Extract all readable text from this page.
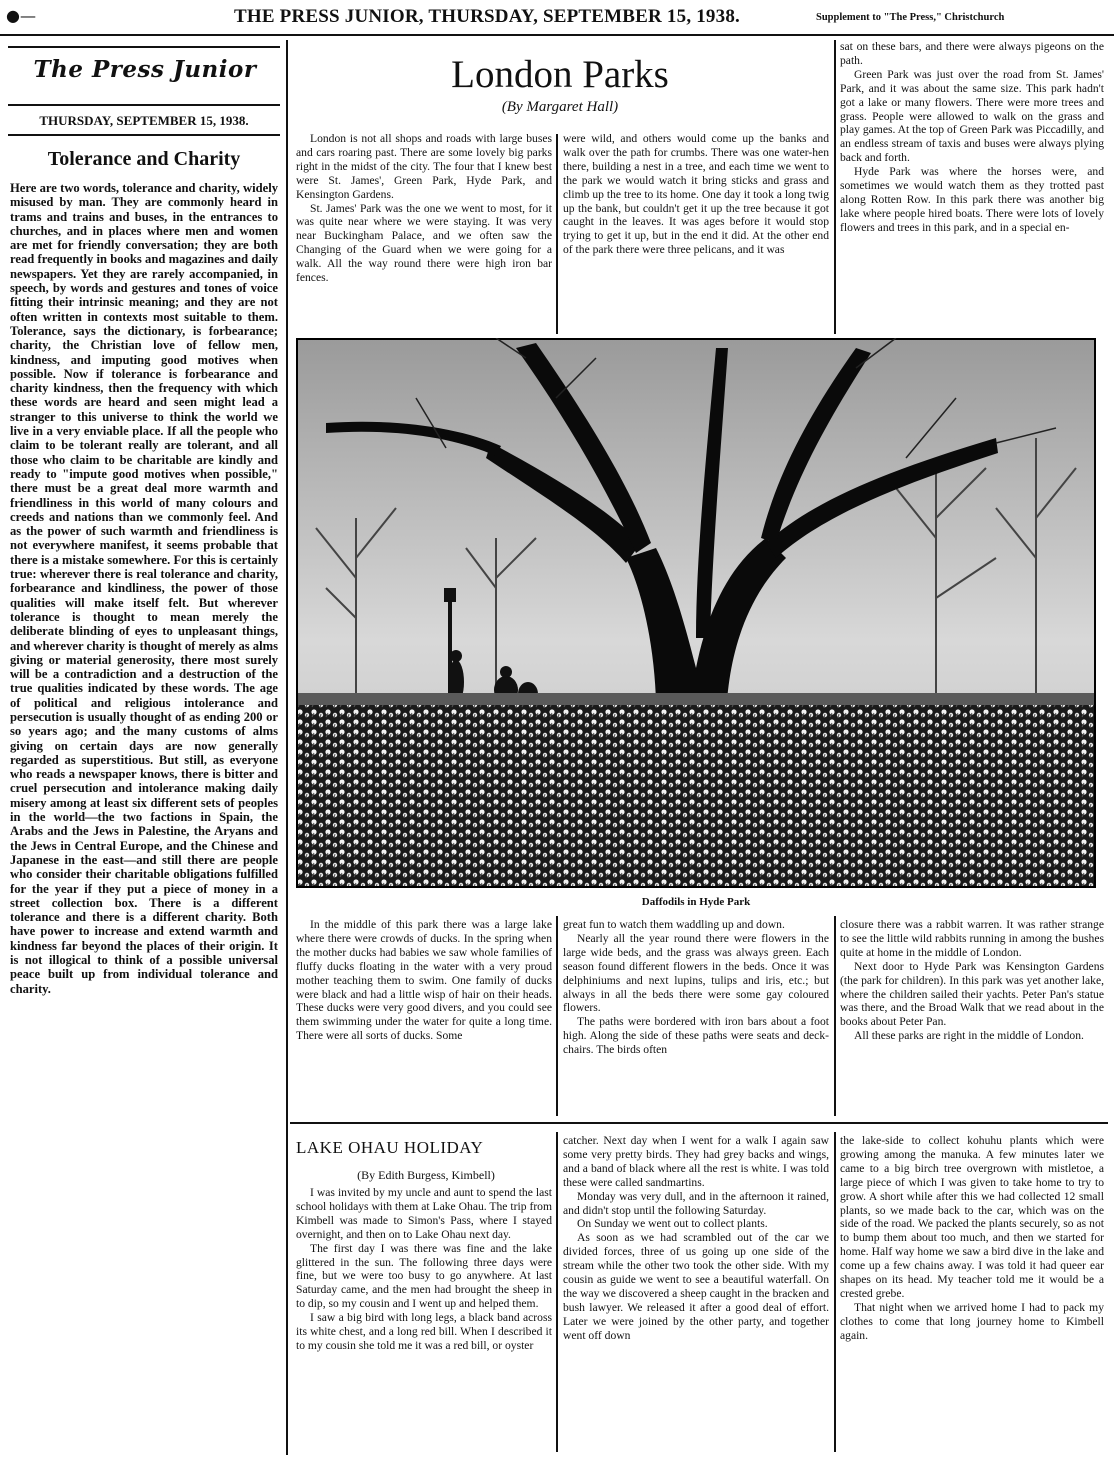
●—	THE PRESS JUNIOR, THURSDAY, SEPTEMBER 15, 1938.	Supplement to "The Press," Christchurch
The Press Junior
THURSDAY, SEPTEMBER 15, 1938.
Tolerance and Charity

Here are two words, tolerance and charity, widely misused by man. They are commonly heard in trams and trains and buses, in the entrances to churches, and in places where men and women are met for friendly conversation; they are both read frequently in books and magazines and daily newspapers. Yet they are rarely accompanied, in speech, by words and gestures and tones of voice fitting their intrinsic meaning; and they are not often written in contexts most suitable to them. Tolerance, says the dictionary, is forbearance; charity, the Christian love of fellow men, kindness, and imputing good motives when possible. Now if tolerance is forbearance and charity kindness, then the frequency with which these words are heard and seen might lead a stranger to this universe to think the world we live in a very enviable place. If all the people who claim to be tolerant really are tolerant, and all those who claim to be charitable are kindly and ready to "impute good motives when possible," there must be a great deal more warmth and friendliness in this world of many colours and creeds and nations than we commonly feel. And as the power of such warmth and friendliness is not everywhere manifest, it seems probable that there is a mistake somewhere. For this is certainly true: wherever there is real tolerance and charity, forbearance and kindliness, the power of those qualities will make itself felt. But wherever tolerance is thought to mean merely the deliberate blinding of eyes to unpleasant things, and wherever charity is thought of merely as alms giving or material generosity, there most surely will be a contradiction and a destruction of the true qualities indicated by these words. The age of political and religious intolerance and persecution is usually thought of as ending 200 or so years ago; and the many customs of alms giving on certain days are now generally regarded as superstitious. But still, as everyone who reads a newspaper knows, there is bitter and cruel persecution and intolerance making daily misery among at least six different sets of peoples in the world—the two factions in Spain, the Arabs and the Jews in Palestine, the Aryans and the Jews in Central Europe, and the Chinese and Japanese in the east—and still there are people who consider their charitable obligations fulfilled for the year if they put a piece of money in a street collection box. There is a different tolerance and there is a different charity. Both have power to increase and extend warmth and kindness far beyond the places of their origin. It is not illogical to think of a possible universal peace built up from individual tolerance and charity.

London Parks
(By Margaret Hall)

London is not all shops and roads with large buses and cars roaring past. There are some lovely big parks right in the midst of the city. The four that I knew best were St. James', Green Park, Hyde Park, and Kensington Gardens.

St. James' Park was the one we went to most, for it was quite near where we were staying. It was very near Buckingham Palace, and we often saw the Changing of the Guard when we were going for a walk. All the way round there were high iron bar fences.

were wild, and others would come up the banks and walk over the path for crumbs. There was one water-hen there, building a nest in a tree, and each time we went to the park we would watch it bring sticks and grass and climb up the tree to its home. One day it took a long twig up the bank, but couldn't get it up the tree because it got caught in the leaves. It was ages before it would stop trying to get it up, but in the end it did. At the other end of the park there were three pelicans, and it was

sat on these bars, and there were always pigeons on the path.

Green Park was just over the road from St. James' Park, and it was about the same size. This park hadn't got a lake or many flowers. There were more trees and grass. People were allowed to walk on the grass and play games. At the top of Green Park was Piccadilly, and an endless stream of taxis and buses were always plying back and forth.

Hyde Park was where the horses were, and sometimes we would watch them as they trotted past along Rotten Row. In this park there was another big lake where people hired boats. There were lots of lovely flowers and trees in this park, and in a special en-

Daffodils in Hyde Park

In the middle of this park there was a large lake where there were crowds of ducks. In the spring when the mother ducks had babies we saw whole families of fluffy ducks floating in the water with a very proud mother teaching them to swim. One family of ducks were black and had a little wisp of hair on their heads. These ducks were very good divers, and you could see them swimming under the water for quite a long time. There were all sorts of ducks. Some

great fun to watch them waddling up and down.

Nearly all the year round there were flowers in the large wide beds, and the grass was always green. Each season found different flowers in the beds. Once it was delphiniums and next lupins, tulips and iris, etc.; but always in all the beds there were some gay coloured flowers.

The paths were bordered with iron bars about a foot high. Along the side of these paths were seats and deck-chairs. The birds often

closure there was a rabbit warren. It was rather strange to see the little wild rabbits running in among the bushes quite at home in the middle of London.

Next door to Hyde Park was Kensington Gardens (the park for children). In this park was yet another lake, where the children sailed their yachts. Peter Pan's statue was there, and the Broad Walk that we read about in the books about Peter Pan.

All these parks are right in the middle of London.

LAKE OHAU HOLIDAY
(By Edith Burgess, Kimbell)

I was invited by my uncle and aunt to spend the last school holidays with them at Lake Ohau. The trip from Kimbell was made to Simon's Pass, where I stayed overnight, and then on to Lake Ohau next day.

The first day I was there was fine and the lake glittered in the sun. The following three days were fine, but we were too busy to go anywhere. At last Saturday came, and the men had brought the sheep in to dip, so my cousin and I went up and helped them.

I saw a big bird with long legs, a black band across its white chest, and a long red bill. When I described it to my cousin she told me it was a red bill, or oyster

catcher. Next day when I went for a walk I again saw some very pretty birds. They had grey backs and wings, and a band of black where all the rest is white. I was told these were called sandmartins.

Monday was very dull, and in the afternoon it rained, and didn't stop until the following Saturday.

On Sunday we went out to collect plants.

As soon as we had scrambled out of the car we divided forces, three of us going up one side of the stream while the other two took the other side. With my cousin as guide we went to see a beautiful waterfall. On the way we discovered a sheep caught in the bracken and bush lawyer. We released it after a good deal of effort. Later we were joined by the other party, and together went off down

the lake-side to collect kohuhu plants which were growing among the manuka. A few minutes later we came to a big birch tree overgrown with mistletoe, a large piece of which I was given to take home to try to grow. A short while after this we had collected 12 small plants, so we made back to the car, which was on the side of the road. We packed the plants securely, so as not to bump them about too much, and then we started for home. Half way home we saw a bird dive in the lake and come up a few chains away. I was told it had queer ear shapes on its head. My teacher told me it would be a crested grebe.

That night when we arrived home I had to pack my clothes to come that long journey home to Kimbell again.
